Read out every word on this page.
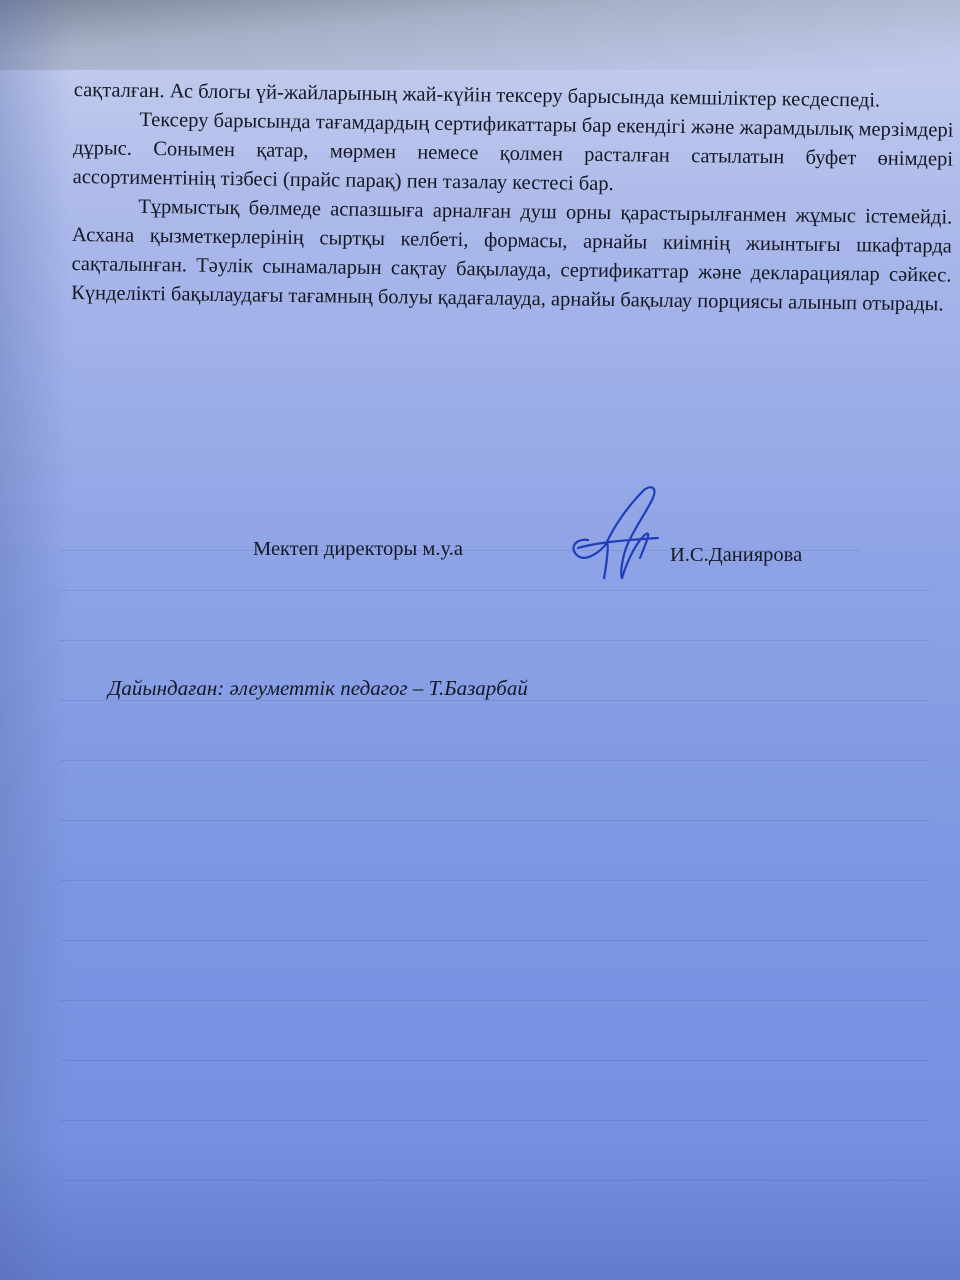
сақталған. Ас блогы үй-жайларының жай-күйін тексеру барысында кемшіліктер кесдеспеді.

Тексеру барысында тағамдардың сертификаттары бар екендігі және жарамдылық мерзімдері дұрыс. Сонымен қатар, мөрмен немесе қолмен расталған сатылатын буфет өнімдері ассортиментінің тізбесі (прайс парақ) пен тазалау кестесі бар.

Тұрмыстық бөлмеде аспазшыға арналған душ орны қарастырылғанмен жұмыс істемейді. Асхана қызметкерлерінің сыртқы келбеті, формасы, арнайы киімнің жиынтығы шкафтарда сақталынған. Тәулік сынамаларын сақтау бақылауда, сертификаттар және декларациялар сәйкес. Күнделікті бақылаудағы тағамның болуы қадағалауда, арнайы бақылау порциясы алынып отырады.

Мектеп директоры м.у.а	И.С.Даниярова
Дайындаған: әлеуметтік педагог – Т.Базарбай
